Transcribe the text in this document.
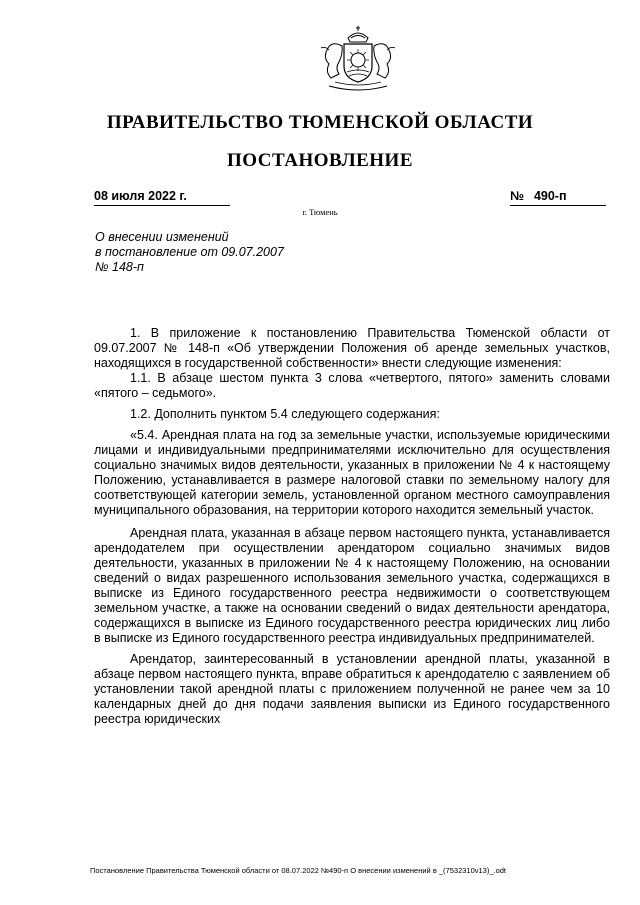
ПРАВИТЕЛЬСТВО ТЮМЕНСКОЙ ОБЛАСТИ
ПОСТАНОВЛЕНИЕ
08 июля 2022 г.	№ 490-п
г. Тюмень
О внесении изменений
в постановление от 09.07.2007
№ 148-п

1. В приложение к постановлению Правительства Тюменской области от 09.07.2007 № 148-п «Об утверждении Положения об аренде земельных участков, находящихся в государственной собственности» внести следующие изменения:

1.1. В абзаце шестом пункта 3 слова «четвертого, пятого» заменить словами «пятого – седьмого».

1.2. Дополнить пунктом 5.4 следующего содержания:

«5.4. Арендная плата на год за земельные участки, используемые юридическими лицами и индивидуальными предпринимателями исключительно для осуществления социально значимых видов деятельности, указанных в приложении № 4 к настоящему Положению, устанавливается в размере налоговой ставки по земельному налогу для соответствующей категории земель, установленной органом местного самоуправления муниципального образования, на территории которого находится земельный участок.

Арендная плата, указанная в абзаце первом настоящего пункта, устанавливается арендодателем при осуществлении арендатором социально значимых видов деятельности, указанных в приложении № 4 к настоящему Положению, на основании сведений о видах разрешенного использования земельного участка, содержащихся в выписке из Единого государственного реестра недвижимости о соответствующем земельном участке, а также на основании сведений о видах деятельности арендатора, содержащихся в выписке из Единого государственного реестра юридических лиц либо в выписке из Единого государственного реестра индивидуальных предпринимателей.

Арендатор, заинтересованный в установлении арендной платы, указанной в абзаце первом настоящего пункта, вправе обратиться к арендодателю с заявлением об установлении такой арендной платы с приложением полученной не ранее чем за 10 календарных дней до дня подачи заявления выписки из Единого государственного реестра юридических

Постановление Правительства Тюменской области от 08.07.2022 №490-п О внесении изменений в _(7532310v13)_.odt
